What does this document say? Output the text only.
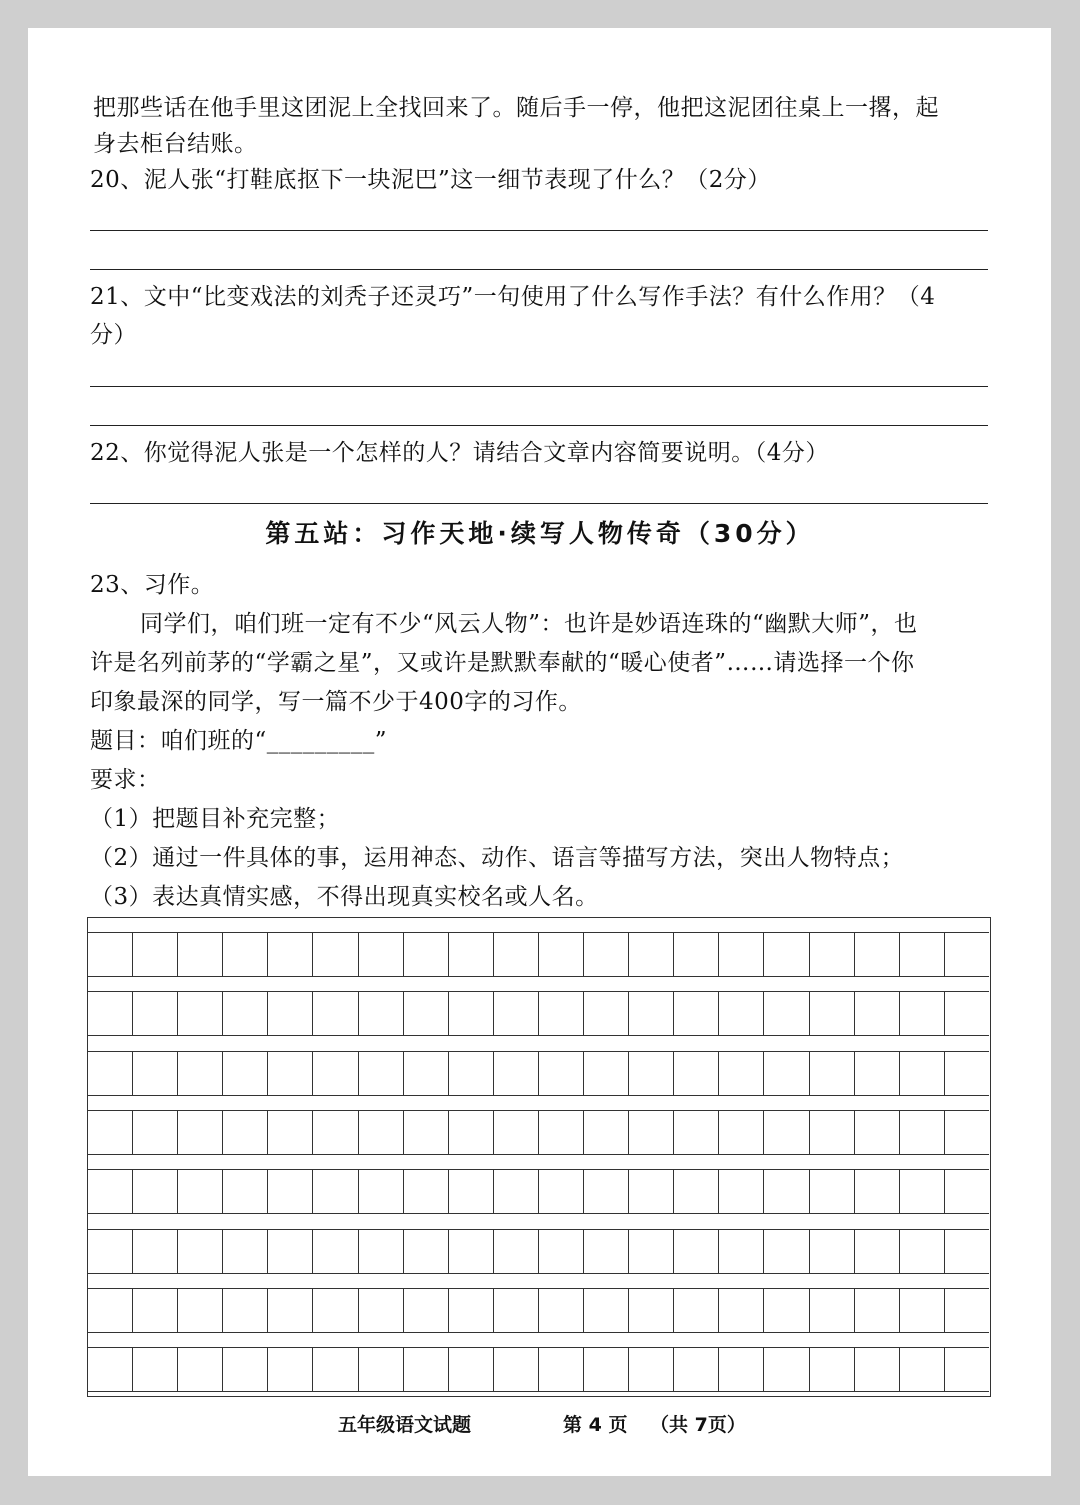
把那些话在他手里这团泥上全找回来了。随后手一停，他把这泥团往桌上一撂，起
身去柜台结账。
20、泥人张“打鞋底抠下一块泥巴”这一细节表现了什么？（2分）
21、文中“比变戏法的刘秃子还灵巧”一句使用了什么写作手法？有什么作用？（4
分）
22、你觉得泥人张是一个怎样的人？请结合文章内容简要说明。（4分）
第五站：习作天地·续写人物传奇（30分）
23、习作。
同学们，咱们班一定有不少“风云人物”：也许是妙语连珠的“幽默大师”，也
许是名列前茅的“学霸之星”，又或许是默默奉献的“暖心使者”……请选择一个你
印象最深的同学，写一篇不少于400字的习作。
题目：咱们班的“_________”
要求：
（1）把题目补充完整；
（2）通过一件具体的事，运用神态、动作、语言等描写方法，突出人物特点；
（3）表达真情实感，不得出现真实校名或人名。
五年级语文试题	第 4 页 （共 7页）
